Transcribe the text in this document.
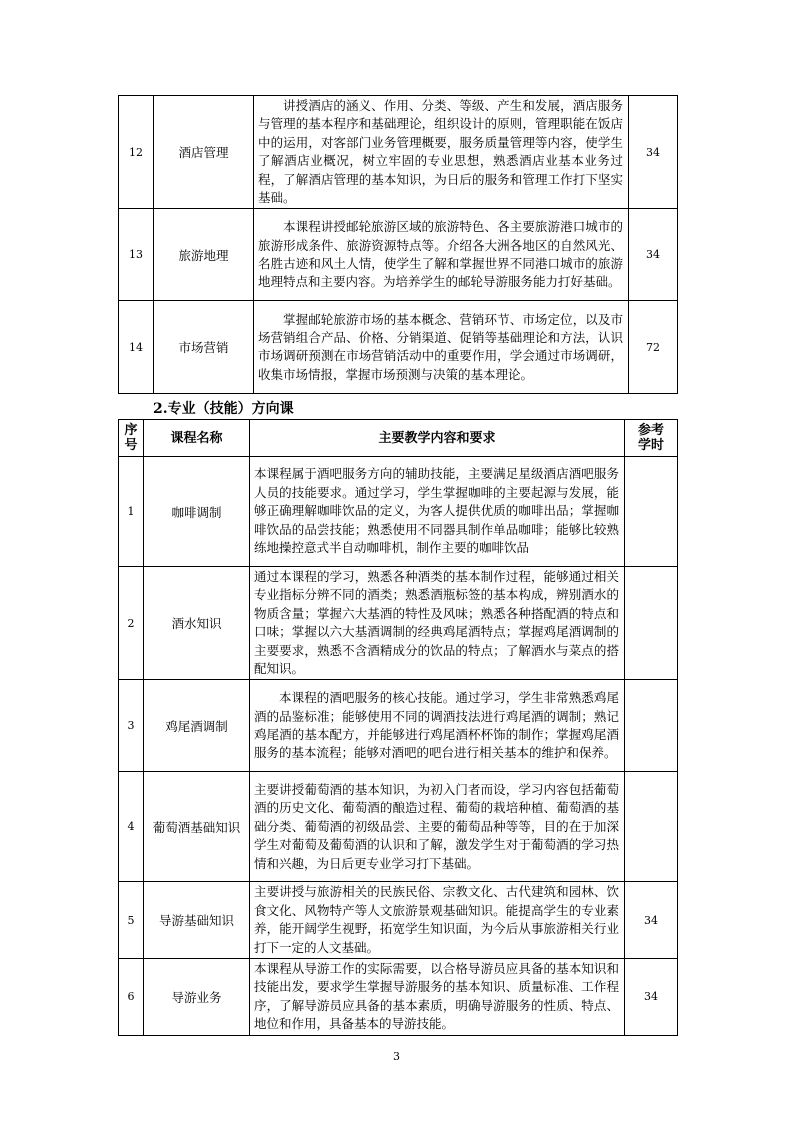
12	酒店管理	讲授酒店的涵义、作用、分类、等级、产生和发展，酒店服务与管理的基本程序和基础理论，组织设计的原则，管理职能在饭店中的运用，对客部门业务管理概要，服务质量管理等内容，使学生了解酒店业概况，树立牢固的专业思想，熟悉酒店业基本业务过程，了解酒店管理的基本知识，为日后的服务和管理工作打下坚实基础。	34
13	旅游地理	本课程讲授邮轮旅游区域的旅游特色、各主要旅游港口城市的旅游形成条件、旅游资源特点等。介绍各大洲各地区的自然风光、名胜古迹和风土人情，使学生了解和掌握世界不同港口城市的旅游地理特点和主要内容。为培养学生的邮轮导游服务能力打好基础。	34
14	市场营销	掌握邮轮旅游市场的基本概念、营销环节、市场定位，以及市场营销组合产品、价格、分销渠道、促销等基础理论和方法，认识市场调研预测在市场营销活动中的重要作用，学会通过市场调研，收集市场情报，掌握市场预测与决策的基本理论。	72
2.专业（技能）方向课
序号	课程名称	主要教学内容和要求	参考学时
1	咖啡调制	本课程属于酒吧服务方向的辅助技能，主要满足星级酒店酒吧服务人员的技能要求。通过学习，学生掌握咖啡的主要起源与发展，能够正确理解咖啡饮品的定义，为客人提供优质的咖啡出品；掌握咖啡饮品的品尝技能；熟悉使用不同器具制作单品咖啡；能够比较熟练地操控意式半自动咖啡机，制作主要的咖啡饮品	
2	酒水知识	通过本课程的学习，熟悉各种酒类的基本制作过程，能够通过相关专业指标分辨不同的酒类；熟悉酒瓶标签的基本构成，辨别酒水的物质含量；掌握六大基酒的特性及风味；熟悉各种搭配酒的特点和口味；掌握以六大基酒调制的经典鸡尾酒特点；掌握鸡尾酒调制的主要要求，熟悉不含酒精成分的饮品的特点；了解酒水与菜点的搭配知识。	
3	鸡尾酒调制	本课程的酒吧服务的核心技能。通过学习，学生非常熟悉鸡尾酒的品鉴标准；能够使用不同的调酒技法进行鸡尾酒的调制；熟记鸡尾酒的基本配方，并能够进行鸡尾酒杯杯饰的制作；掌握鸡尾酒服务的基本流程；能够对酒吧的吧台进行相关基本的维护和保养。	
4	葡萄酒基础知识	主要讲授葡萄酒的基本知识，为初入门者而设，学习内容包括葡萄酒的历史文化、葡萄酒的酿造过程、葡萄的栽培种植、葡萄酒的基础分类、葡萄酒的初级品尝、主要的葡萄品种等等，目的在于加深学生对葡萄及葡萄酒的认识和了解，激发学生对于葡萄酒的学习热情和兴趣，为日后更专业学习打下基础。	
5	导游基础知识	主要讲授与旅游相关的民族民俗、宗教文化、古代建筑和园林、饮食文化、风物特产等人文旅游景观基础知识。能提高学生的专业素养，能开阔学生视野，拓宽学生知识面，为今后从事旅游相关行业打下一定的人文基础。	34
6	导游业务	本课程从导游工作的实际需要，以合格导游员应具备的基本知识和技能出发，要求学生掌握导游服务的基本知识、质量标准、工作程序，了解导游员应具备的基本素质，明确导游服务的性质、特点、地位和作用，具备基本的导游技能。	34
3
